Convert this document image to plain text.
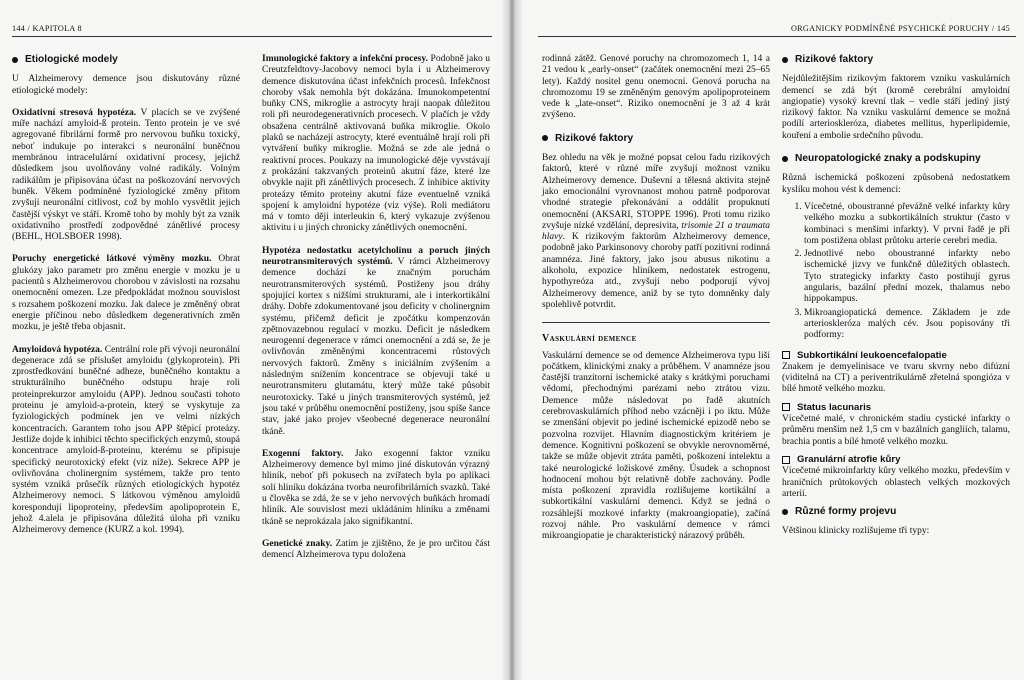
144 / KAPITOLA 8
Etiologické modely

U Alzheimerovy demence jsou diskutovány různé etiologické modely:

Oxidativní stresová hypotéza. V placích se ve zvýšené míře nachází amyloid-ß protein. Tento protein je ve své agregované fibrilární formě pro nervovou buňku toxický, neboť indukuje po interakci s neuronální buněčnou membránou intracelulární oxidativní procesy, jejichž důsledkem jsou uvolňovány volné radikály. Volným radikálům je připisována účast na poškozování nervových buněk. Věkem podmíněné fyziologické změny přitom zvyšují neuronální citlivost, což by mohlo vysvětlit jejich častější výskyt ve stáří. Kromě toho by mohly být za vznik oxidativního prostředí zodpovědné zánětlivé procesy (BEHL, HOLSBOER 1998).

Poruchy energetické látkové výměny mozku. Obrat glukózy jako parametr pro změnu energie v mozku je u pacientů s Alzheimerovou chorobou v závislosti na rozsahu onemocnění omezen. Lze předpokládat možnou souvislost s rozsahem poškození mozku. Jak dalece je změněný obrat energie příčinou nebo důsledkem degenerativních změn mozku, je ještě třeba objasnit.

Amyloidová hypotéza. Centrální role při vývoji neuronální degenerace zdá se příslušet amyloidu (glykoprotein). Při zprostředkování buněčné adheze, buněčného kontaktu a strukturálního buněčného odstupu hraje roli proteinprekurzor amyloidu (APP). Jednou současti tohoto proteinu je amyloid-a-protein, který se vyskytuje za fyziologických podmínek jen ve velmi nízkých koncentracích. Garantem toho jsou APP štěpicí proteázy. Jestliže dojde k inhibici těchto specifických enzymů, stoupá koncentrace amyloid-ß-proteinu, kterému se připisuje specifický neurotoxický efekt (viz níže). Sekrece APP je ovlivňována cholinergním systémem, takže pro tento systém vzniká průsečík různých etiologických hypotéz Alzheimerovy nemoci. S látkovou výměnou amyloidů korespondují lipoproteiny, především apolipoprotein E, jehož 4.alela je připisována důležitá úloha při vzniku Alzheimerovy demence (KURZ a kol. 1994).

Imunologické faktory a infekční procesy. Podobně jako u Creutzfeldtovy-Jacobovy nemoci byla i u Alzheimerovy demence diskutována účast infekčních procesů. Infekčnost choroby však nemohla být dokázána. Imunokompetentní buňky CNS, mikroglie a astrocyty hrají naopak důležitou roli při neurodegenerativních procesech. V plačích je vždy obsažena centrálně aktivovaná buňka mikroglie. Okolo plaků se nacházejí astrocyty, které eventuálně hrají roli při vytváření buňky mikroglie. Možná se zde ale jedná o reaktivní proces. Poukazy na imunologické děje vyvstávají z prokázání takzvaných proteinů akutní fáze, které lze obvykle najít při zánětlivých procesech. Z inhibice aktivity proteázy těmito proteiny akutní fáze eventuelně vzniká spojení k amyloidní hypotéze (viz výše). Roli mediátoru má v tomto ději interleukin 6, který vykazuje zvýšenou aktivitu i u jiných chronicky zánětlivých onemocnění.

Hypotéza nedostatku acetylcholinu a poruch jiných neurotransmiterových systémů. V rámci Alzheimerovy demence dochází ke značným poruchám neurotransmiterových systémů. Postiženy jsou dráhy spojující kortex s nižšími strukturami, ale i interkortikální dráhy. Dobře zdokumentované jsou deficity v cholinergním systému, přičemž deficit je zpočátku kompenzován zpětnovazebnou regulací v mozku. Deficit je následkem neurogenní degenerace v rámci onemocnění a zdá se, že je ovlivňován změněnými koncentracemi růstových nervových faktorů. Změny s iniciálním zvýšením a následným snížením koncentrace se objevují také u neurotransmiteru glutamátu, který může také působit neurotoxicky. Také u jiných transmiterových systémů, jež jsou také v průběhu onemocnění postiženy, jsou spíše šance stav, jaké jako projev všeobecné degenerace neuronální tkáně.

Exogenní faktory. Jako exogenní faktor vzniku Alzheimerovy demence byl mimo jiné diskutován výrazný hliník, neboť při pokusech na zvířatech byla po aplikaci solí hliníku dokázána tvorba neurofibrilárních svazků. Také u člověka se zdá, že se v jeho nervových buňkách hromadí hliník. Ale souvislost mezi ukládáním hliníku a změnami tkáně se neprokázala jako signifikantní.

Genetické znaky. Zatím je zjištěno, že je pro určitou část demencí Alzheimerova typu doložena

ORGANICKY PODMÍNĚNÉ PSYCHICKÉ PORUCHY / 145

rodinná zátěž. Genové poruchy na chromozomech 1, 14 a 21 vedou k „early-onset“ (začátek onemocnění mezi 25–65 lety). Každý nositel genu onemocní. Genová porucha na chromozomu 19 se změněným genovým apolipoproteinem vede k „late-onset“. Riziko onemocnění je 3 až 4 krát zvýšeno.

Rizikové faktory

Bez ohledu na věk je možné popsat celou řadu rizikových faktorů, které v různé míře zvyšují možnost vzniku Alzheimerovy demence. Duševní a tělesná aktivita stejně jako emocionální vyrovnanost mohou patrně podporovat vhodné strategie překonávání a oddálit propuknutí onemocnění (AKSARI, STOPPE 1996). Proti tomu riziko zvyšuje nízké vzdělání, depresivita, trisomie 21 a traumata hlavy. K rizikovým faktorům Alzheimerovy demence, podobně jako Parkinsonovy choroby patří pozitivní rodinná anamnéza. Jiné faktory, jako jsou abusus nikotinu a alkoholu, expozice hliníkem, nedostatek estrogenu, hypothyreóza atd., zvyšují nebo podporují vývoj Alzheimerovy demence, aniž by se tyto domněnky daly spolehlivě potvrdit.

Vaskulární demence

Vaskulární demence se od demence Alzheimerova typu liší počátkem, klinickými znaky a průběhem. V anamnéze jsou častější tranzitorní ischemické ataky s krátkými poruchami vědomí, přechodnými parézami nebo ztrátou vizu. Demence může následovat po řadě akutních cerebrovaskulárních příhod nebo vzácněji i po iktu. Může se zmenšání objevit po jediné ischemické epizodě nebo se pozvolna rozvíjet. Hlavním diagnostickým kritériem je demence. Kognitivní poškození se obvykle nerovnoměrné, takže se může objevit ztráta paměti, poškození intelektu a také neurologické ložiskové změny. Úsudek a schopnost hodnocení mohou být relativně dobře zachovány. Podle místa poškození zpravidla rozlišujeme kortikální a subkortikální vaskulární demenci. Když se jedná o rozsáhlejší mozkové infarkty (makroangiopatie), začíná rozvoj náhle. Pro vaskulární demence v rámci mikroangiopatie je charakteristický nárazový průběh.

Rizikové faktory

Nejdůležitějším rizikovým faktorem vzniku vaskulárních demencí se zdá být (kromě cerebrální amyloidní angiopatie) vysoký krevní tlak – vedle stáří jediný jistý rizikový faktor. Na vzniku vaskulární demence se možná podílí arterioskleróza, diabetes mellitus, hyperlipidemie, kouření a embolie srdečního původu.

Neuropatologické znaky a podskupiny

Různá ischemická poškození způsobená nedostatkem kyslíku mohou vést k demenci:

1. Vícečetné, oboustranné převážně velké infarkty kůry velkého mozku a subkortikálních struktur (často v kombinaci s menšími infarkty). V první řadě je při tom postižena oblast průtoku arterie cerebri media.
2. Jednotlivé nebo oboustranné infarkty nebo ischemické jizvy ve funkčně důležitých oblastech. Tyto strategicky infarkty často postihují gyrus angularis, bazální přední mozek, thalamus nebo hippokampus.
3. Mikroangiopatická demence. Základem je zde arterioskleróza malých cév. Jsou popisovány tři podformy:
Subkortikální leukoencefalopatie

Znakem je demyelinisace ve tvaru skvrny nebo difúzní (viditelná na CT) a periventrikulárně zřetelná spongióza v bílé hmotě velkého mozku.

Status lacunaris

Vícečetné malé, v chronickém stadiu cystické infarkty o průměru menším než 1,5 cm v bazálních gangliích, talamu, brachia pontis a bílé hmotě velkého mozku.

Granulární atrofie kůry

Vícečetné mikroinfarkty kůry velkého mozku, především v hraničních průtokových oblastech velkých mozkových arterií.

Různé formy projevu

Většinou klinicky rozlišujeme tři typy:
